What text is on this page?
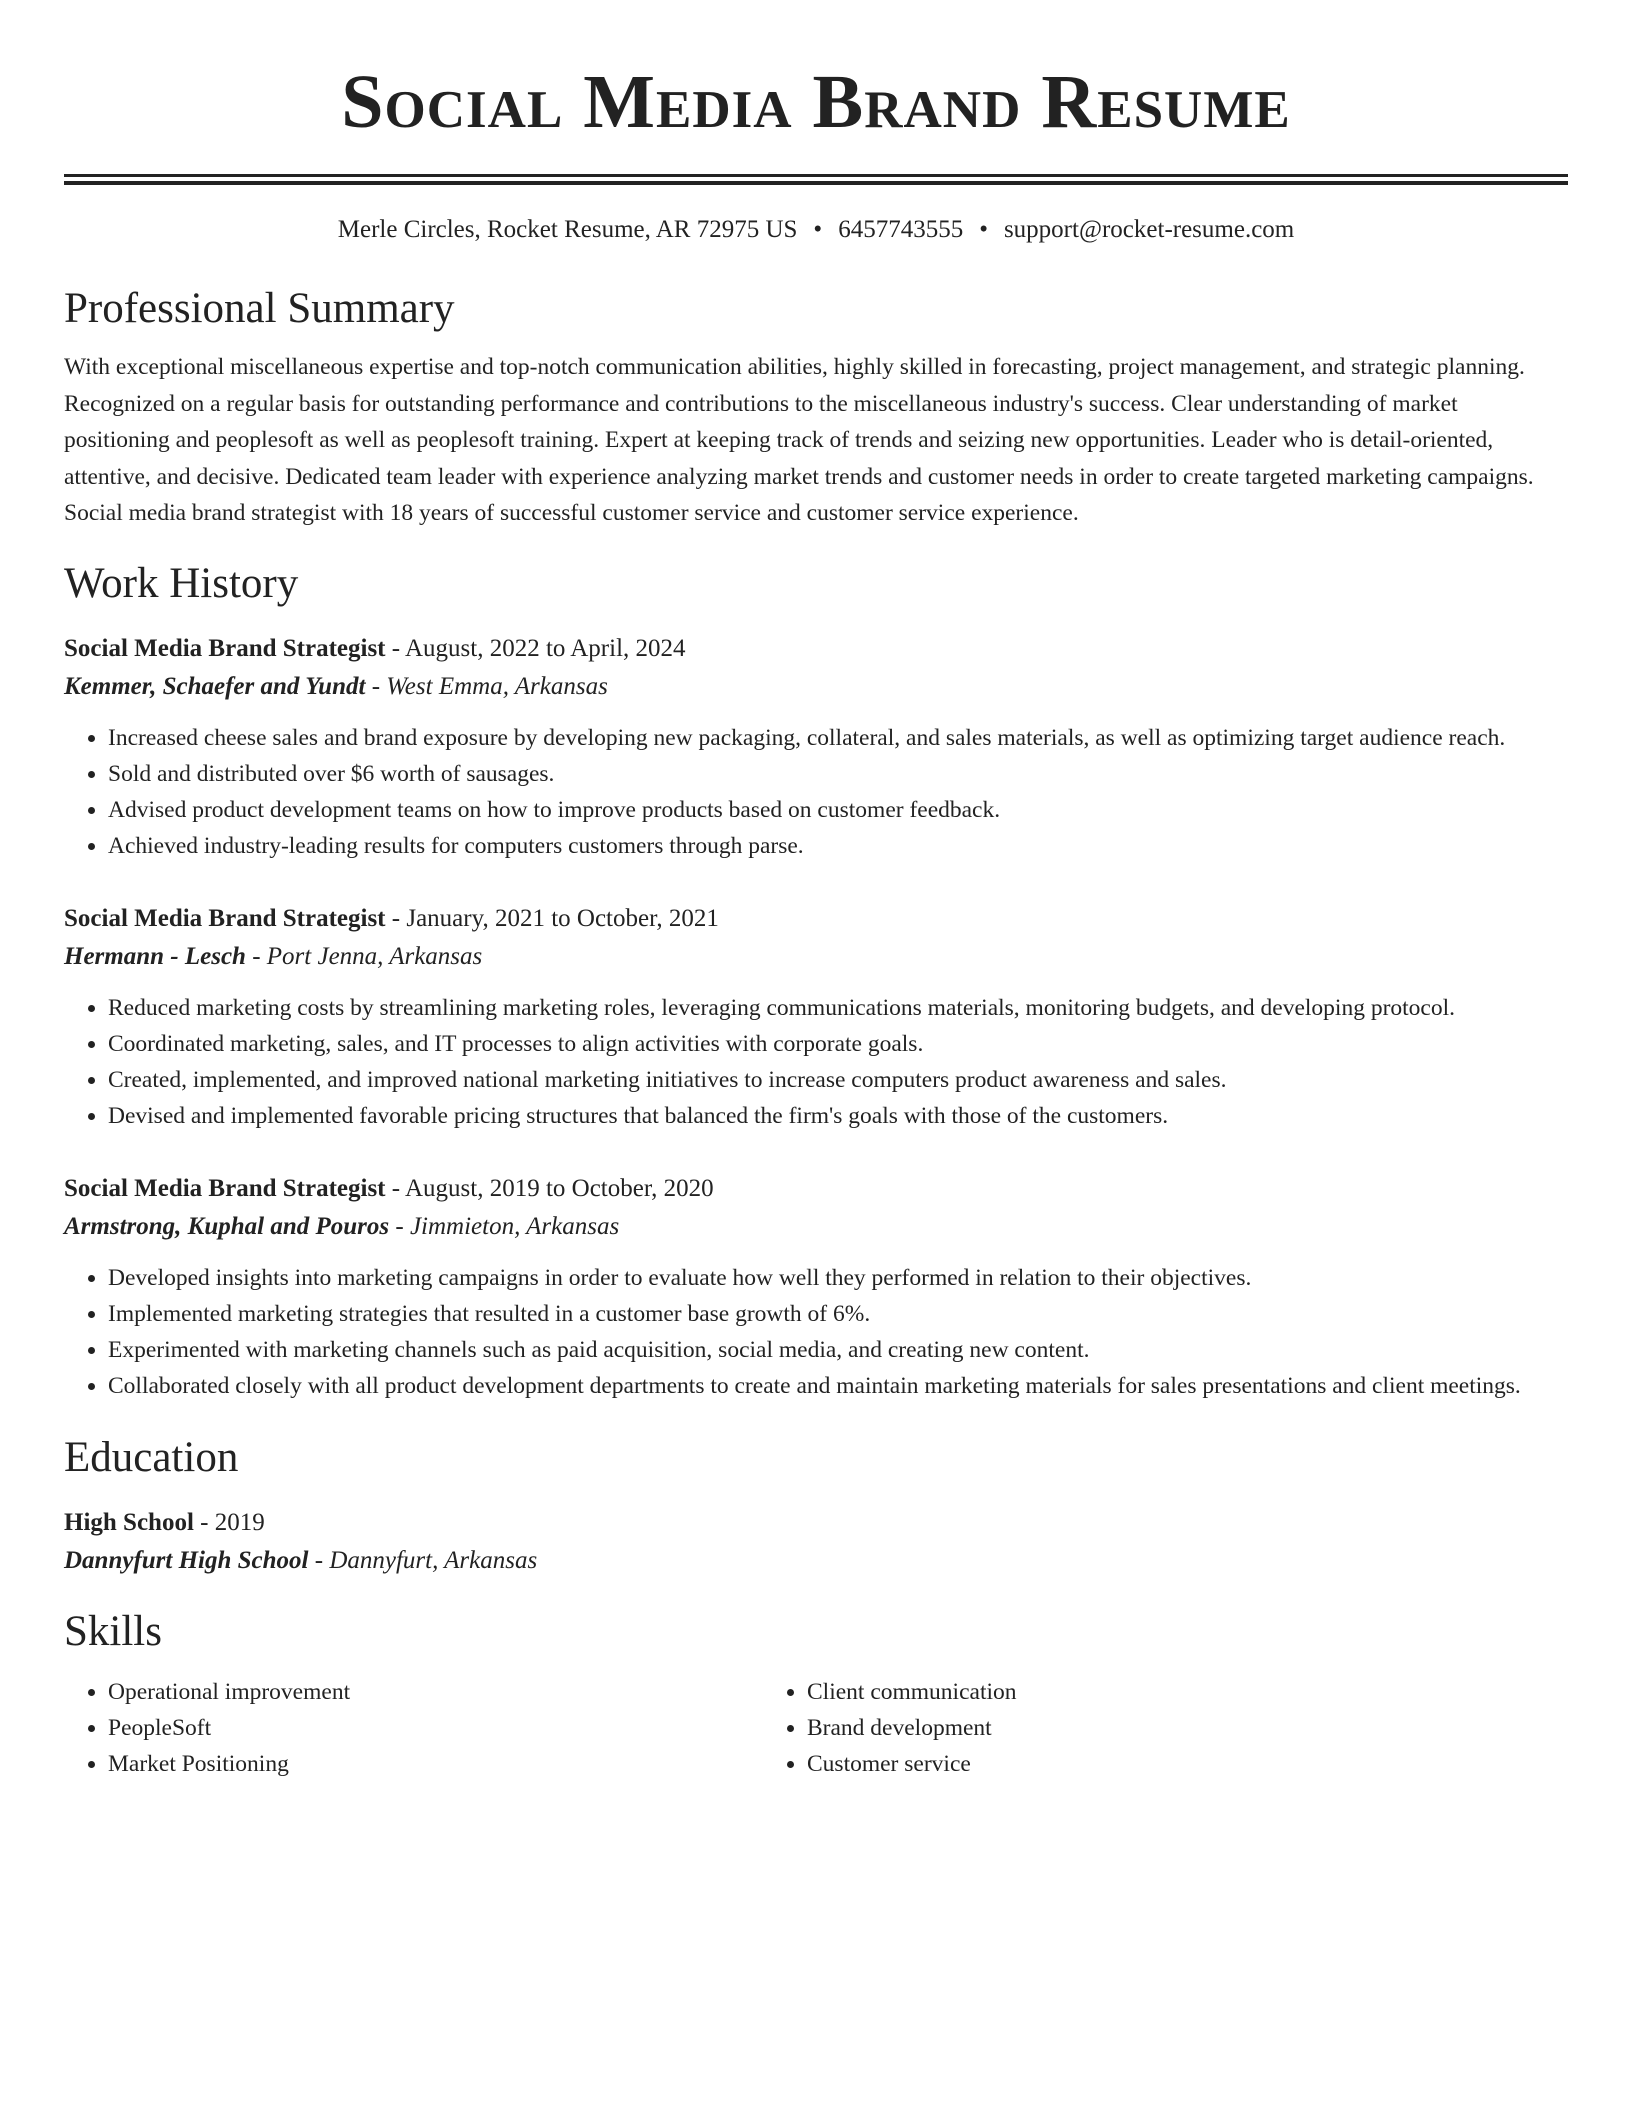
Social Media Brand Resume
Merle Circles, Rocket Resume, AR 72975 US • 6457743555 • support@rocket-resume.com
Professional Summary

With exceptional miscellaneous expertise and top-notch communication abilities, highly skilled in forecasting, project management, and strategic planning. Recognized on a regular basis for outstanding performance and contributions to the miscellaneous industry's success. Clear understanding of market positioning and peoplesoft as well as peoplesoft training. Expert at keeping track of trends and seizing new opportunities. Leader who is detail-oriented, attentive, and decisive. Dedicated team leader with experience analyzing market trends and customer needs in order to create targeted marketing campaigns. Social media brand strategist with 18 years of successful customer service and customer service experience.

Work History
Social Media Brand Strategist - August, 2022 to April, 2024
Kemmer, Schaefer and Yundt - West Emma, Arkansas
• Increased cheese sales and brand exposure by developing new packaging, collateral, and sales materials, as well as optimizing target audience reach.
• Sold and distributed over $6 worth of sausages.
• Advised product development teams on how to improve products based on customer feedback.
• Achieved industry-leading results for computers customers through parse.
Social Media Brand Strategist - January, 2021 to October, 2021
Hermann - Lesch - Port Jenna, Arkansas
• Reduced marketing costs by streamlining marketing roles, leveraging communications materials, monitoring budgets, and developing protocol.
• Coordinated marketing, sales, and IT processes to align activities with corporate goals.
• Created, implemented, and improved national marketing initiatives to increase computers product awareness and sales.
• Devised and implemented favorable pricing structures that balanced the firm's goals with those of the customers.
Social Media Brand Strategist - August, 2019 to October, 2020
Armstrong, Kuphal and Pouros - Jimmieton, Arkansas
• Developed insights into marketing campaigns in order to evaluate how well they performed in relation to their objectives.
• Implemented marketing strategies that resulted in a customer base growth of 6%.
• Experimented with marketing channels such as paid acquisition, social media, and creating new content.
• Collaborated closely with all product development departments to create and maintain marketing materials for sales presentations and client meetings.
Education
High School - 2019
Dannyfurt High School - Dannyfurt, Arkansas
Skills
• Operational improvement
• PeopleSoft
• Market Positioning
• Client communication
• Brand development
• Customer service
